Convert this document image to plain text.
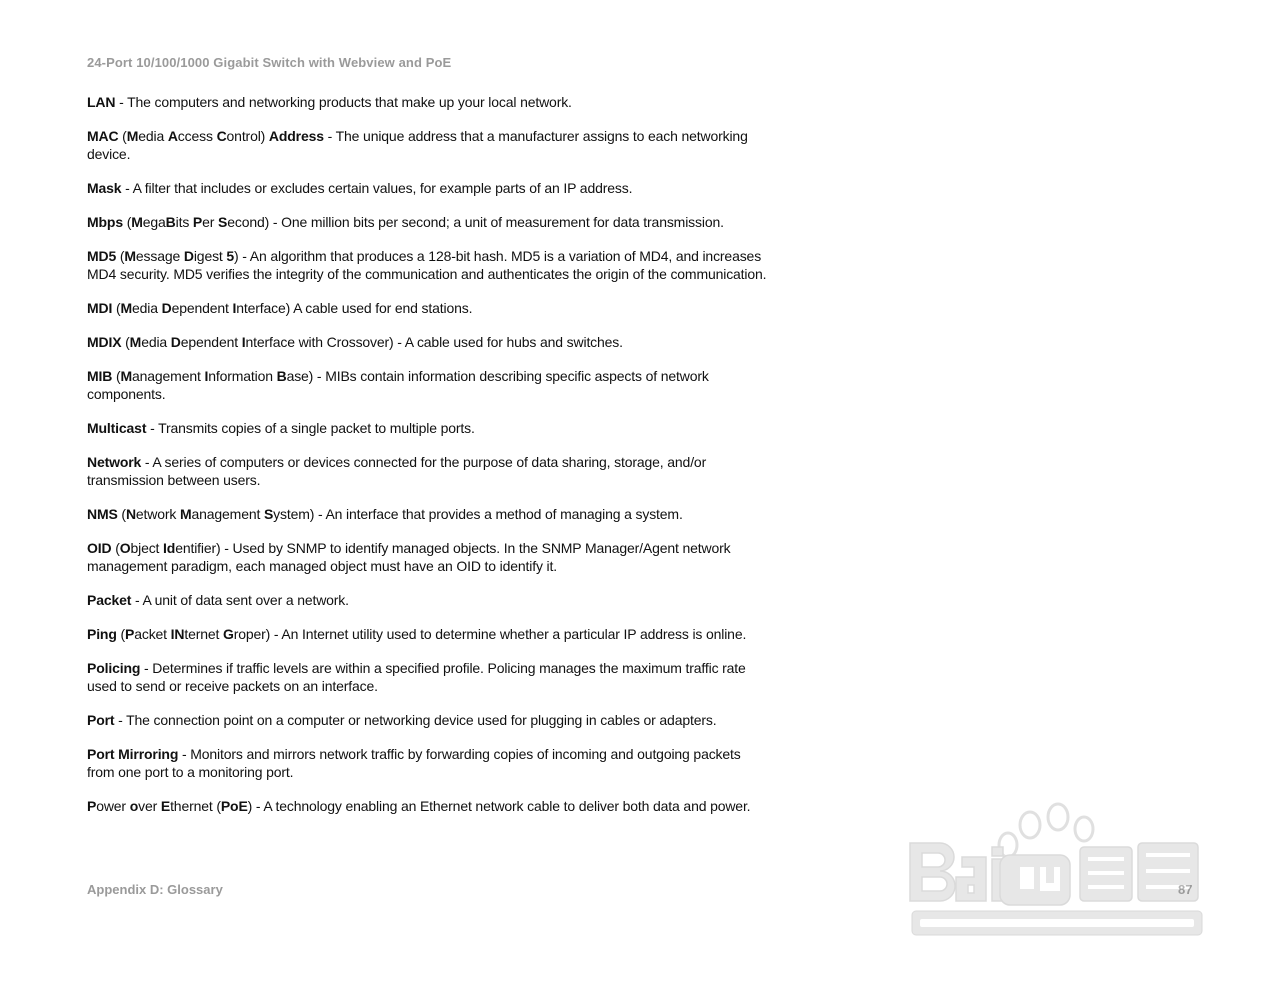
24-Port 10/100/1000 Gigabit Switch with Webview and PoE
LAN - The computers and networking products that make up your local network.
MAC (Media Access Control) Address - The unique address that a manufacturer assigns to each networking
device.
Mask - A filter that includes or excludes certain values, for example parts of an IP address.
Mbps (MegaBits Per Second) - One million bits per second; a unit of measurement for data transmission.
MD5 (Message Digest 5) - An algorithm that produces a 128-bit hash. MD5 is a variation of MD4, and increases
MD4 security. MD5 verifies the integrity of the communication and authenticates the origin of the communication.
MDI (Media Dependent Interface) A cable used for end stations.
MDIX (Media Dependent Interface with Crossover) - A cable used for hubs and switches.
MIB (Management Information Base) - MIBs contain information describing specific aspects of network
components.
Multicast - Transmits copies of a single packet to multiple ports.
Network - A series of computers or devices connected for the purpose of data sharing, storage, and/or
transmission between users.
NMS (Network Management System) - An interface that provides a method of managing a system.
OID (Object Identifier) - Used by SNMP to identify managed objects. In the SNMP Manager/Agent network
management paradigm, each managed object must have an OID to identify it.
Packet - A unit of data sent over a network.
Ping (Packet INternet Groper) - An Internet utility used to determine whether a particular IP address is online.
Policing - Determines if traffic levels are within a specified profile. Policing manages the maximum traffic rate
used to send or receive packets on an interface.
Port - The connection point on a computer or networking device used for plugging in cables or adapters.
Port Mirroring - Monitors and mirrors network traffic by forwarding copies of incoming and outgoing packets
from one port to a monitoring port.
Power over Ethernet (PoE) - A technology enabling an Ethernet network cable to deliver both data and power.
Appendix D: Glossary
